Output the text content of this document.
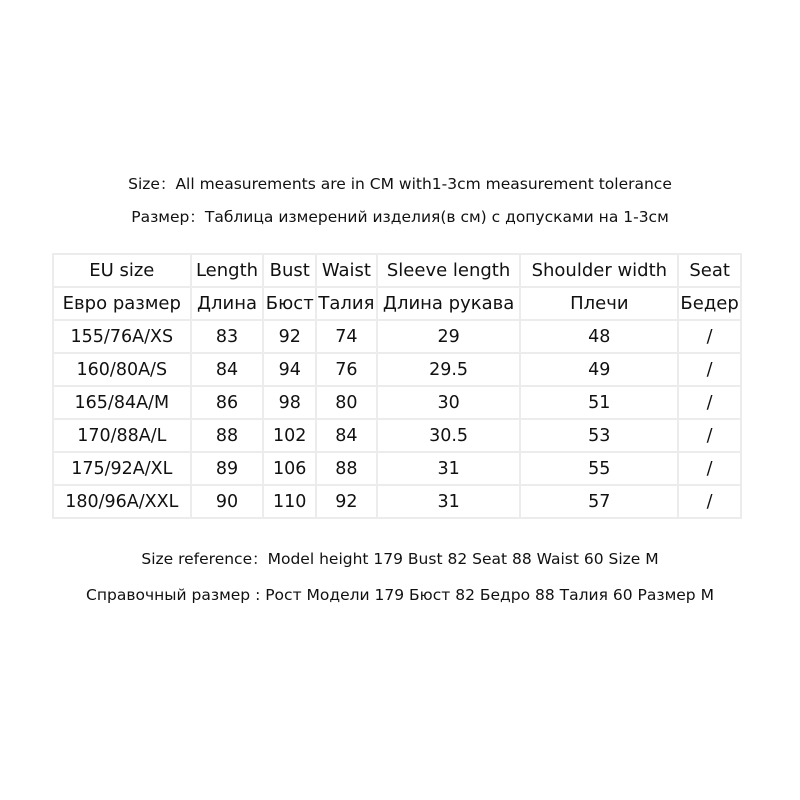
Size：All measurements are in CM with1-3cm measurement tolerance
Размер：Таблица измерений изделия(в см) с допусками на 1-3см
EU size	Length	Bust	Waist	Sleeve length	Shoulder width	Seat
Евро размер	Длина	Бюст	Талия	Длина рукава	Плечи	Бедер
155/76A/XS	83	92	74	29	48	/
160/80A/S	84	94	76	29.5	49	/
165/84A/M	86	98	80	30	51	/
170/88A/L	88	102	84	30.5	53	/
175/92A/XL	89	106	88	31	55	/
180/96A/XXL	90	110	92	31	57	/
Size reference：Model height 179 Bust 82 Seat 88 Waist 60 Size M
Справочный размер : Рост Модели 179 Бюст 82 Бедро 88 Талия 60 Размер M
